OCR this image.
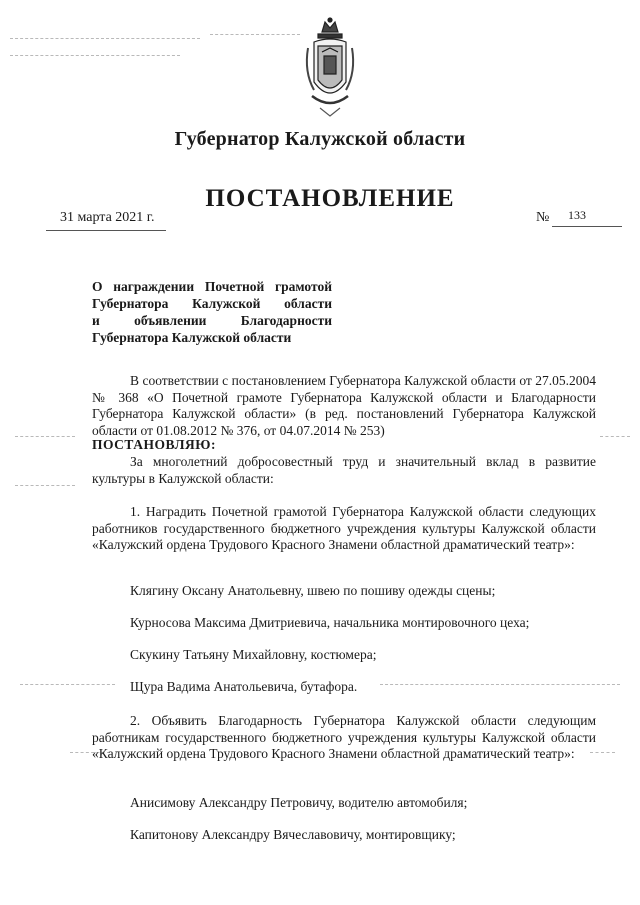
Губернатор Калужской области
ПОСТАНОВЛЕНИЕ
31 марта 2021 г.	№ 133
О награждении Почетной грамотой
Губернатора Калужской области
и объявлении Благодарности
Губернатора Калужской области
В соответствии с постановлением Губернатора Калужской области от 27.05.2004 № 368 «О Почетной грамоте Губернатора Калужской области и Благодарности Губернатора Калужской области» (в ред. постановлений Губернатора Калужской области от 01.08.2012 № 376, от 04.07.2014 № 253)
ПОСТАНОВЛЯЮ:
За многолетний добросовестный труд и значительный вклад в развитие культуры в Калужской области:
1. Наградить Почетной грамотой Губернатора Калужской области следующих работников государственного бюджетного учреждения культуры Калужской области «Калужский ордена Трудового Красного Знамени областной драматический театр»:
Клягину Оксану Анатольевну, швею по пошиву одежды сцены;
Курносова Максима Дмитриевича, начальника монтировочного цеха;
Скукину Татьяну Михайловну, костюмера;
Щура Вадима Анатольевича, бутафора.
2. Объявить Благодарность Губернатора Калужской области следующим работникам государственного бюджетного учреждения культуры Калужской области «Калужский ордена Трудового Красного Знамени областной драматический театр»:
Анисимову Александру Петровичу, водителю автомобиля;
Капитонову Александру Вячеславовичу, монтировщику;
